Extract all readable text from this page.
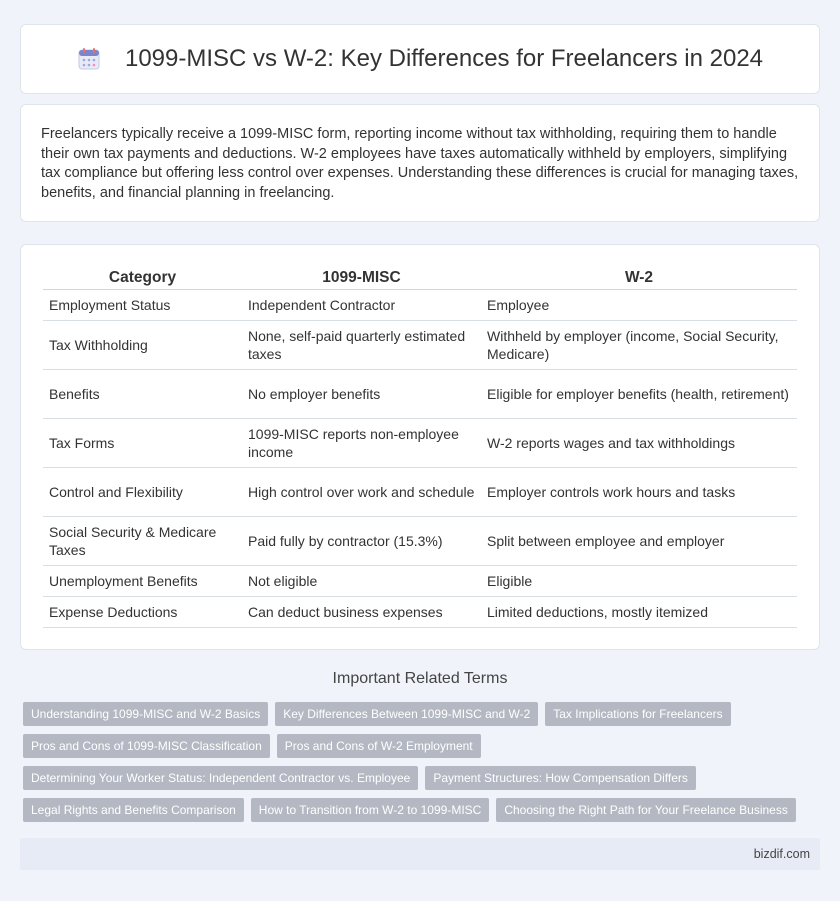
1099-MISC vs W-2: Key Differences for Freelancers in 2024

Freelancers typically receive a 1099-MISC form, reporting income without tax withholding, requiring them to handle their own tax payments and deductions. W-2 employees have taxes automatically withheld by employers, simplifying tax compliance but offering less control over expenses. Understanding these differences is crucial for managing taxes, benefits, and financial planning in freelancing.

Category	1099-MISC	W-2
Employment Status	Independent Contractor	Employee
Tax Withholding	None, self-paid quarterly estimated taxes	Withheld by employer (income, Social Security, Medicare)
Benefits	No employer benefits	Eligible for employer benefits (health, retirement)
Tax Forms	1099-MISC reports non-employee income	W-2 reports wages and tax withholdings
Control and Flexibility	High control over work and schedule	Employer controls work hours and tasks
Social Security & Medicare Taxes	Paid fully by contractor (15.3%)	Split between employee and employer
Unemployment Benefits	Not eligible	Eligible
Expense Deductions	Can deduct business expenses	Limited deductions, mostly itemized
Important Related Terms
Understanding 1099-MISC and W-2 Basics	Key Differences Between 1099-MISC and W-2	Tax Implications for Freelancers
Pros and Cons of 1099-MISC Classification	Pros and Cons of W-2 Employment
Determining Your Worker Status: Independent Contractor vs. Employee	Payment Structures: How Compensation Differs
Legal Rights and Benefits Comparison	How to Transition from W-2 to 1099-MISC	Choosing the Right Path for Your Freelance Business
bizdif.com
